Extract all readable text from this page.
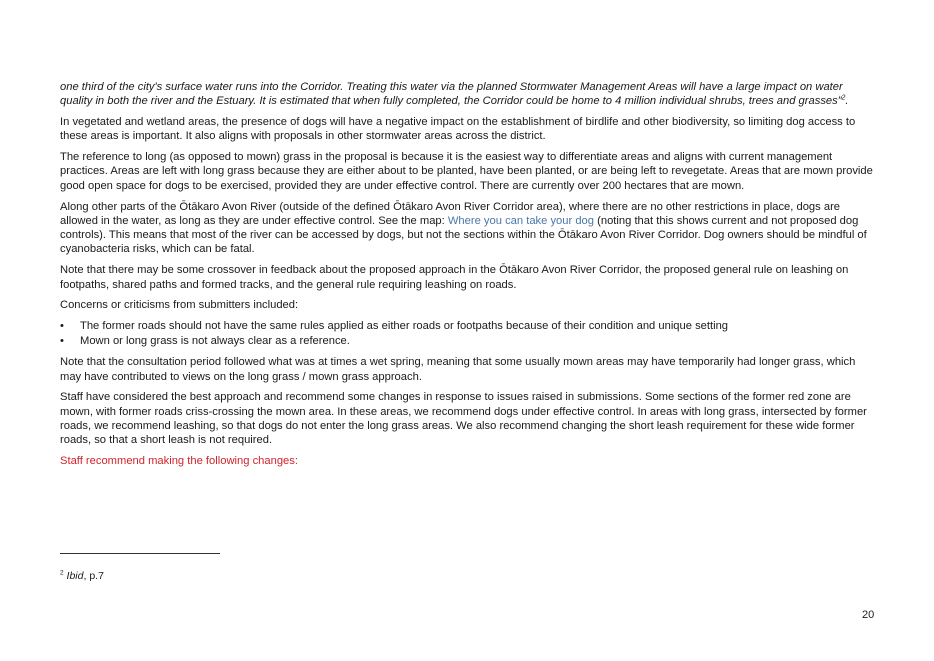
one third of the city's surface water runs into the Corridor. Treating this water via the planned Stormwater Management Areas will have a large impact on water quality in both the river and the Estuary. It is estimated that when fully completed, the Corridor could be home to 4 million individual shrubs, trees and grasses”$^2$.

In vegetated and wetland areas, the presence of dogs will have a negative impact on the establishment of birdlife and other biodiversity, so limiting dog access to these areas is important. It also aligns with proposals in other stormwater areas across the district.

The reference to long (as opposed to mown) grass in the proposal is because it is the easiest way to differentiate areas and aligns with current management practices. Areas are left with long grass because they are either about to be planted, have been planted, or are being left to revegetate. Areas that are mown provide good open space for dogs to be exercised, provided they are under effective control. There are currently over 200 hectares that are mown.

Along other parts of the Ōtākaro Avon River (outside of the defined Ōtākaro Avon River Corridor area), where there are no other restrictions in place, dogs are allowed in the water, as long as they are under effective control. See the map: Where you can take your dog (noting that this shows current and not proposed dog controls). This means that most of the river can be accessed by dogs, but not the sections within the Ōtākaro Avon River Corridor. Dog owners should be mindful of cyanobacteria risks, which can be fatal.

Note that there may be some crossover in feedback about the proposed approach in the Ōtākaro Avon River Corridor, the proposed general rule on leashing on footpaths, shared paths and formed tracks, and the general rule requiring leashing on roads.

Concerns or criticisms from submitters included:

• The former roads should not have the same rules applied as either roads or footpaths because of their condition and unique setting
• Mown or long grass is not always clear as a reference.

Note that the consultation period followed what was at times a wet spring, meaning that some usually mown areas may have temporarily had longer grass, which may have contributed to views on the long grass / mown grass approach.

Staff have considered the best approach and recommend some changes in response to issues raised in submissions. Some sections of the former red zone are mown, with former roads criss-crossing the mown area. In these areas, we recommend dogs under effective control. In areas with long grass, intersected by former roads, we recommend leashing, so that dogs do not enter the long grass areas. We also recommend changing the short leash requirement for these wide former roads, so that a short leash is not required.

Staff recommend making the following changes:

$^2$ Ibid, p.7
20
